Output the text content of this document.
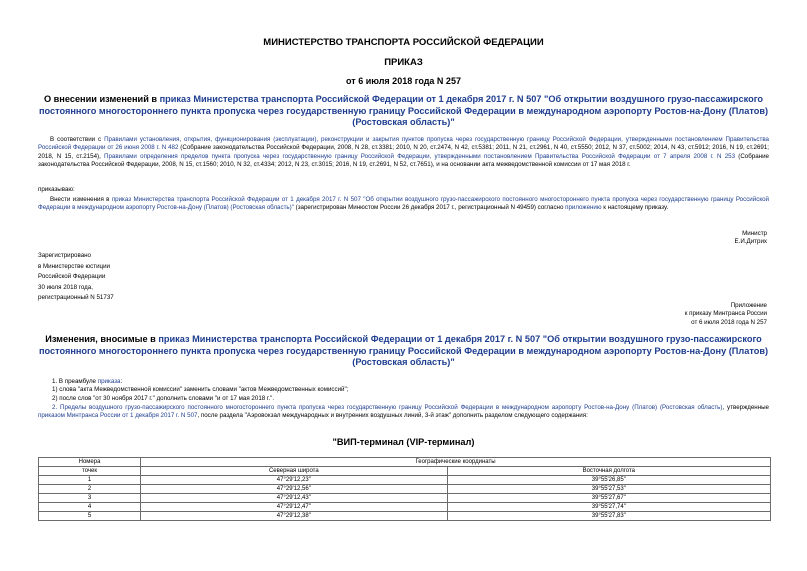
МИНИСТЕРСТВО ТРАНСПОРТА РОССИЙСКОЙ ФЕДЕРАЦИИ
ПРИКАЗ
от 6 июля 2018 года N 257
О внесении изменений в приказ Министерства транспорта Российской Федерации от 1 декабря 2017 г. N 507 "Об открытии воздушного грузо-пассажирского постоянного многостороннего пункта пропуска через государственную границу Российской Федерации в международном аэропорту Ростов-на-Дону (Платов) (Ростовская область)"
В соответствии с Правилами установления, открытия, функционирования (эксплуатации), реконструкции и закрытия пунктов пропуска через государственную границу Российской Федерации, утвержденными постановлением Правительства Российской Федерации от 26 июня 2008 г. N 482 (Собрание законодательства Российской Федерации, 2008, N 28, ст.3381; 2010, N 20, ст.2474, N 42, ст.5381; 2011, N 21, ст.2961, N 40, ст.5550; 2012, N 37, ст.5002; 2014, N 43, ст.5912; 2016, N 19, ст.2691; 2018, N 15, ст.2154), Правилами определения пределов пункта пропуска через государственную границу Российской Федерации, утвержденными постановлением Правительства Российской Федерации от 7 апреля 2008 г. N 253 (Собрание законодательства Российской Федерации, 2008, N 15, ст.1560; 2010, N 32, ст.4334; 2012, N 23, ст.3015; 2016, N 19, ст.2691, N 52, ст.7651), и на основании акта межведомственной комиссии от 17 мая 2018 г.
приказываю:
Внести изменения в приказ Министерства транспорта Российской Федерации от 1 декабря 2017 г. N 507 "Об открытии воздушного грузо-пассажирского постоянного многостороннего пункта пропуска через государственную границу Российской Федерации в международном аэропорту Ростов-на-Дону (Платов) (Ростовская область)" (зарегистрирован Минюстом России 26 декабря 2017 г., регистрационный N 49459) согласно приложению к настоящему приказу.
Министр
Е.И.Дитрих
Зарегистрировано
в Министерстве юстиции
Российской Федерации
30 июля 2018 года,
регистрационный N 51737
Приложение
к приказу Минтранса России
от 6 июля 2018 года N 257
Изменения, вносимые в приказ Министерства транспорта Российской Федерации от 1 декабря 2017 г. N 507 "Об открытии воздушного грузо-пассажирского постоянного многостороннего пункта пропуска через государственную границу Российской Федерации в международном аэропорту Ростов-на-Дону (Платов) (Ростовская область)"
1. В преамбуле приказа:
1) слова "акта Межведомственной комиссии" заменить словами "актов Межведомственных комиссий";
2) после слов "от 30 ноября 2017 г." дополнить словами "и от 17 мая 2018 г.".
2. Пределы воздушного грузо-пассажирского постоянного многостороннего пункта пропуска через государственную границу Российской Федерации в международном аэропорту Ростов-на-Дону (Платов) (Ростовская область), утвержденные приказом Минтранса России от 1 декабря 2017 г. N 507, после раздела "Аэровокзал международных и внутренних воздушных линий, 3-й этаж" дополнить разделом следующего содержания:
"ВИП-терминал (VIP-терминал)
Номера	Географические координаты	
точек	Северная широта	Восточная долгота
1	47°29'12,23"	39°55'26,85"
2	47°29'12,56"	39°55'27,53"
3	47°29'12,43"	39°55'27,67"
4	47°29'12,47"	39°55'27,74"
5	47°29'12,38"	39°55'27,83"
